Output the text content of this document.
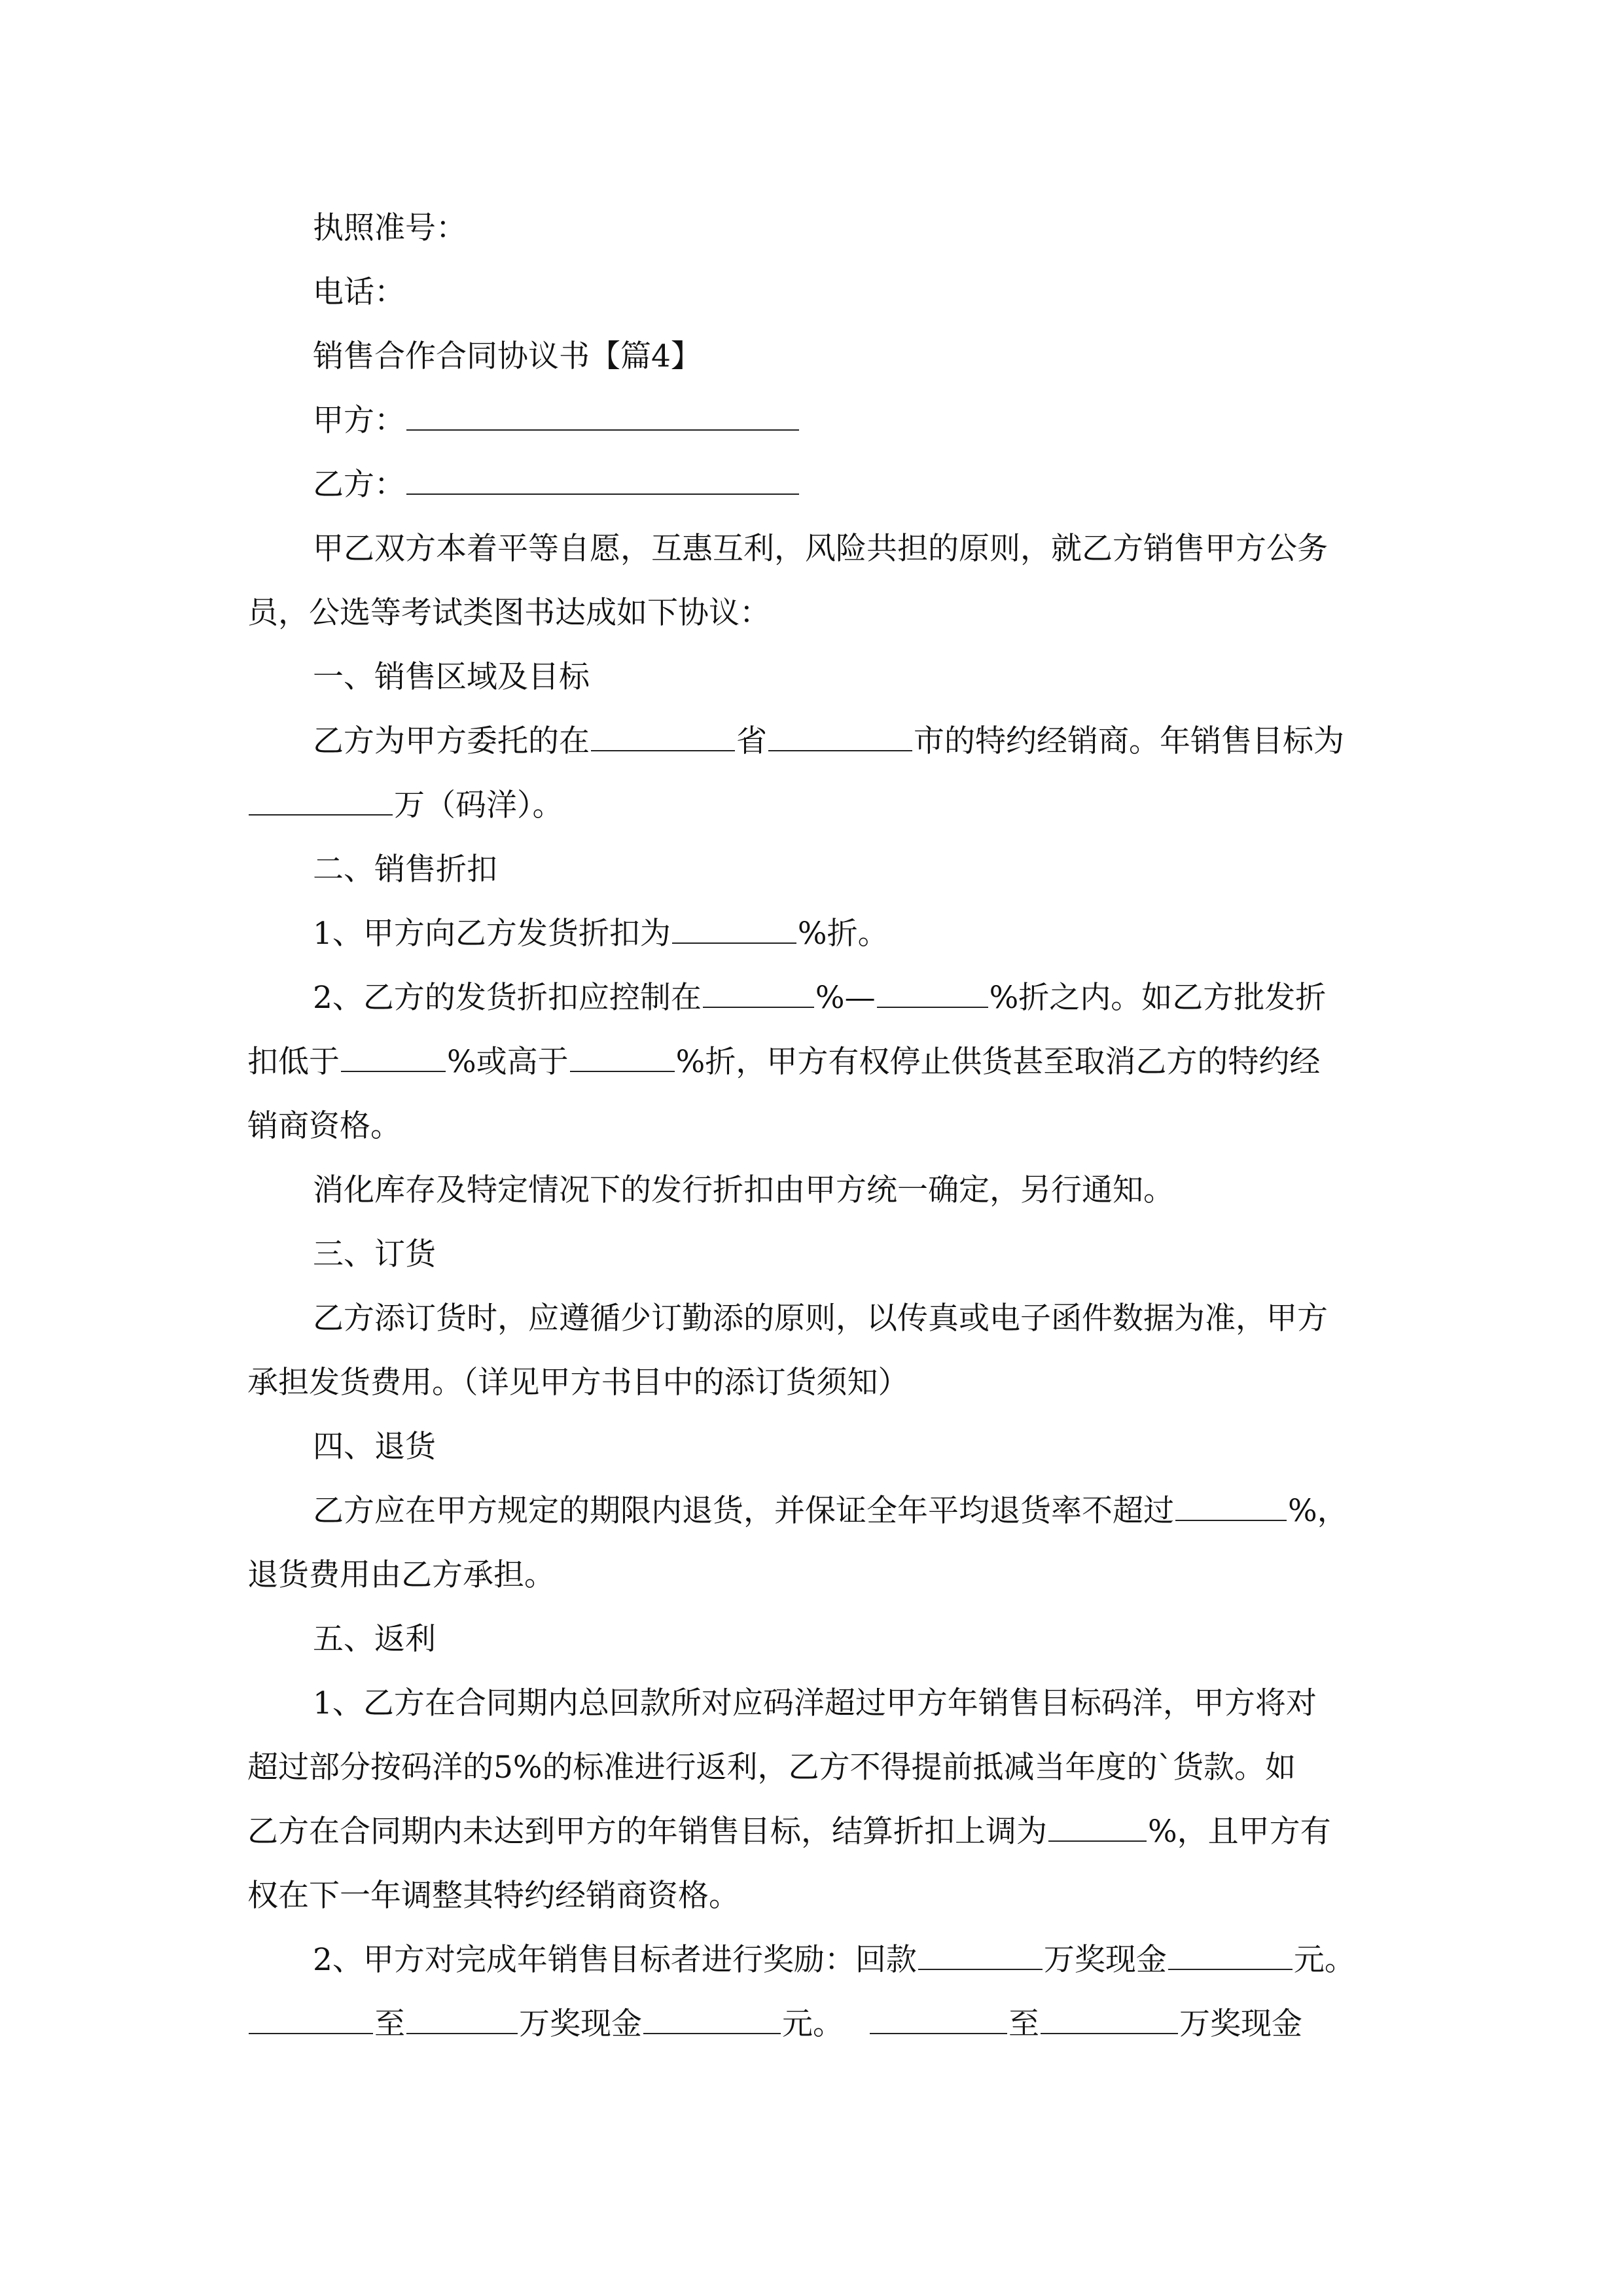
执照准号：
电话：
销售合作合同协议书【篇4】
甲方：
乙方：
甲乙双方本着平等自愿，互惠互利，风险共担的原则，就乙方销售甲方公务
员，公选等考试类图书达成如下协议：
一、销售区域及目标
乙方为甲方委托的在	省	市的特约经销商。年销售目标为
万（码洋）。
二、销售折扣
1、甲方向乙方发货折扣为	%折。
2、乙方的发货折扣应控制在	%—	%折之内。如乙方批发折
扣低于	%或高于	%折，甲方有权停止供货甚至取消乙方的特约经
销商资格。
消化库存及特定情况下的发行折扣由甲方统一确定，另行通知。
三、订货
乙方添订货时，应遵循少订勤添的原则，以传真或电子函件数据为准，甲方
承担发货费用。（详见甲方书目中的添订货须知）
四、退货
乙方应在甲方规定的期限内退货，并保证全年平均退货率不超过	%，
退货费用由乙方承担。
五、返利
1、乙方在合同期内总回款所对应码洋超过甲方年销售目标码洋，甲方将对
超过部分按码洋的5%的标准进行返利，乙方不得提前抵减当年度的`货款。如
乙方在合同期内未达到甲方的年销售目标，结算折扣上调为	%，且甲方有
权在下一年调整其特约经销商资格。
2、甲方对完成年销售目标者进行奖励：回款	万奖现金	元。
至	万奖现金	元。	至	万奖现金
